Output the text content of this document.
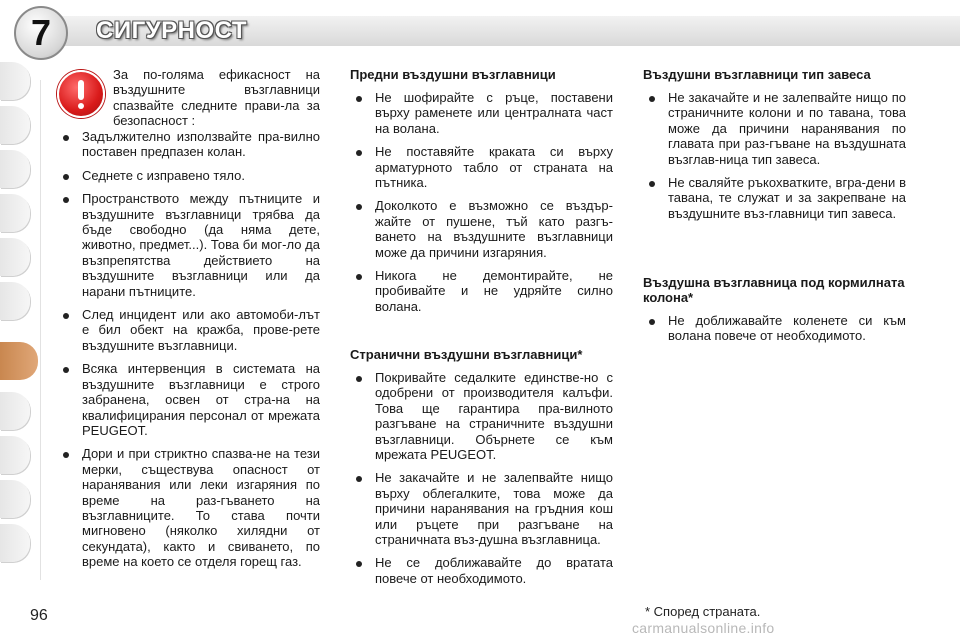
7	СИГУРНОСТ
За по-голяма ефикасност на въздушните възглавници спазвайте следните прави-ла за безопасност :
Задължително използвайте пра-вилно поставен предпазен колан.
Седнете с изправено тяло.
Пространството между пътниците и въздушните възглавници трябва да бъде свободно (да няма дете, животно, предмет...). Това би мог-ло да възпрепятства действието на въздушните възглавници или да нарани пътниците.
След инцидент или ако автомоби-лът е бил обект на кражба, прове-рете въздушните възглавници.
Всяка интервенция в системата на въздушните възглавници е строго забранена, освен от стра-на на квалифицирания персонал от мрежата PEUGEOT.
Дори и при стриктно спазва-не на тези мерки, съществува опасност от наранявания или леки изгаряния по време на раз-гъването на възглавниците. То става почти мигновено (няколко хилядни от секундата), както и свиването, по време на което се отделя горещ газ.
Предни въздушни възглавници
Не шофирайте с ръце, поставени върху раменете или централната част на волана.
Не поставяйте краката си върху арматурното табло от страната на пътника.
Доколкото е възможно се въздър-жайте от пушене, тъй като разгъ-ването на въздушните възглавници може да причини изгаряния.
Никога не демонтирайте, не пробивайте и не удряйте силно волана.
Странични въздушни възглавници*
Покривайте седалките единстве-но с одобрени от производителя калъфи. Това ще гарантира пра-вилното разгъване на страничните въздушни възглавници. Обърнете се към мрежата PEUGEOT.
Не закачайте и не залепвайте нищо върху облегалките, това може да причини наранявания на гръдния кош или ръцете при разгъване на страничната въз-душна възглавница.
Не се доближавайте до вратата повече от необходимото.
Въздушни възглавници тип завеса
Не закачайте и не залепвайте нищо по страничните колони и по тавана, това може да причини наранявания по главата при раз-гъване на въздушната възглав-ница тип завеса.
Не сваляйте ръкохватките, вгра-дени в тавана, те служат и за закрепване на въздушните въз-главници тип завеса.
Въздушна възглавница под кормилната колона*
Не доближавайте коленете си към волана повече от необходимото.
96	* Според страната.
carmanualsonline.info
